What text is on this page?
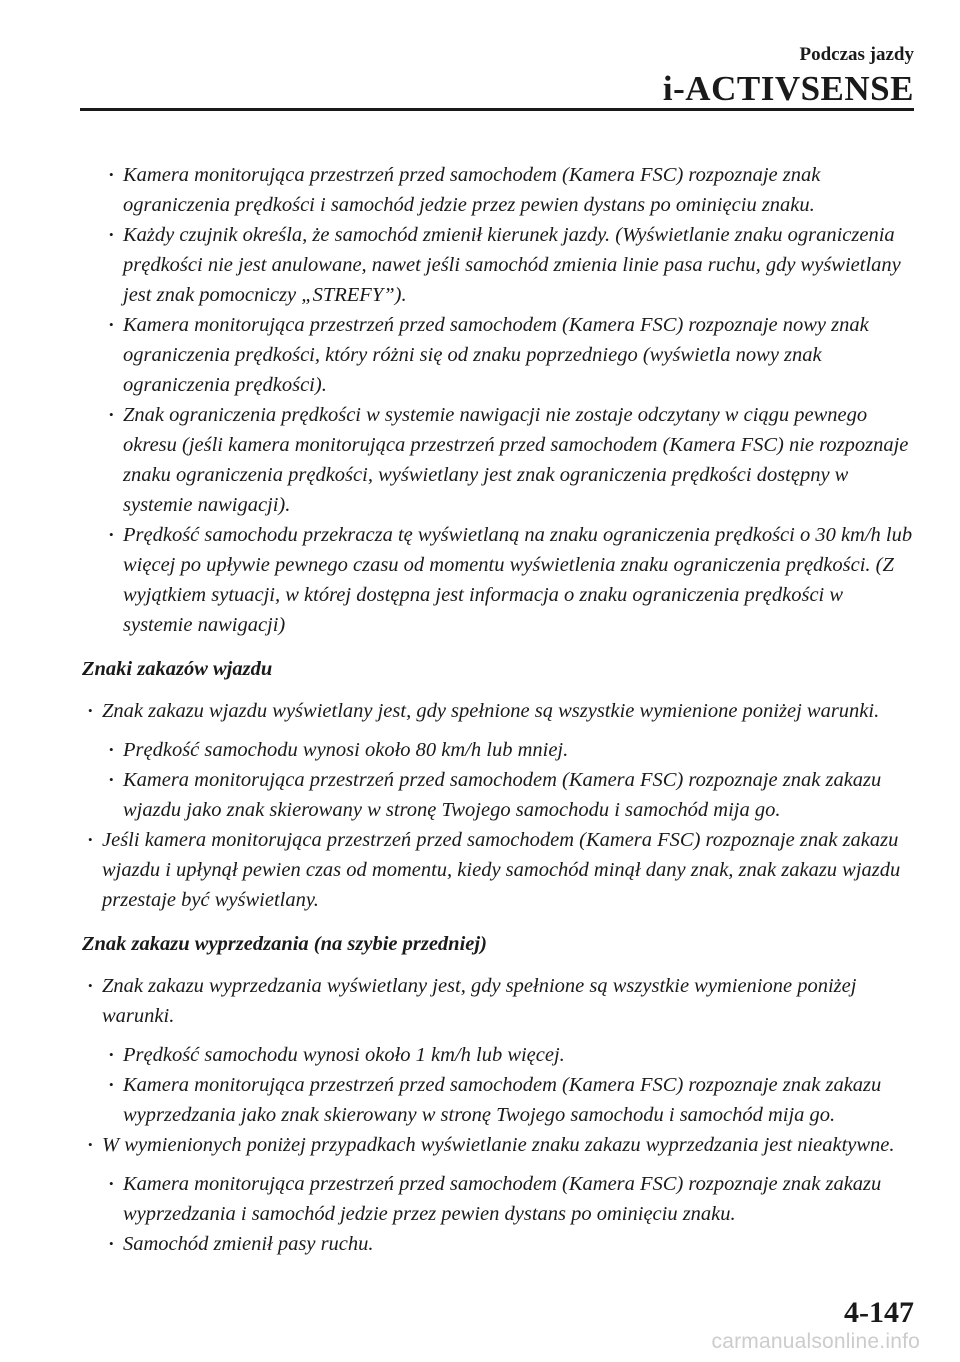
Podczas jazdy
i-ACTIVSENSE
• Kamera monitorująca przestrzeń przed samochodem (Kamera FSC) rozpoznaje znak ograniczenia prędkości i samochód jedzie przez pewien dystans po ominięciu znaku.
• Każdy czujnik określa, że samochód zmienił kierunek jazdy. (Wyświetlanie znaku ograniczenia prędkości nie jest anulowane, nawet jeśli samochód zmienia linie pasa ruchu, gdy wyświetlany jest znak pomocniczy „STREFY”).
• Kamera monitorująca przestrzeń przed samochodem (Kamera FSC) rozpoznaje nowy znak ograniczenia prędkości, który różni się od znaku poprzedniego (wyświetla nowy znak ograniczenia prędkości).
• Znak ograniczenia prędkości w systemie nawigacji nie zostaje odczytany w ciągu pewnego okresu (jeśli kamera monitorująca przestrzeń przed samochodem (Kamera FSC) nie rozpoznaje znaku ograniczenia prędkości, wyświetlany jest znak ograniczenia prędkości dostępny w systemie nawigacji).
• Prędkość samochodu przekracza tę wyświetlaną na znaku ograniczenia prędkości o 30 km/h lub więcej po upływie pewnego czasu od momentu wyświetlenia znaku ograniczenia prędkości. (Z wyjątkiem sytuacji, w której dostępna jest informacja o znaku ograniczenia prędkości w systemie nawigacji)
Znaki zakazów wjazdu
• Znak zakazu wjazdu wyświetlany jest, gdy spełnione są wszystkie wymienione poniżej warunki.
• Prędkość samochodu wynosi około 80 km/h lub mniej.
• Kamera monitorująca przestrzeń przed samochodem (Kamera FSC) rozpoznaje znak zakazu wjazdu jako znak skierowany w stronę Twojego samochodu i samochód mija go.
• Jeśli kamera monitorująca przestrzeń przed samochodem (Kamera FSC) rozpoznaje znak zakazu wjazdu i upłynął pewien czas od momentu, kiedy samochód minął dany znak, znak zakazu wjazdu przestaje być wyświetlany.
Znak zakazu wyprzedzania (na szybie przedniej)
• Znak zakazu wyprzedzania wyświetlany jest, gdy spełnione są wszystkie wymienione poniżej warunki.
• Prędkość samochodu wynosi około 1 km/h lub więcej.
• Kamera monitorująca przestrzeń przed samochodem (Kamera FSC) rozpoznaje znak zakazu wyprzedzania jako znak skierowany w stronę Twojego samochodu i samochód mija go.
• W wymienionych poniżej przypadkach wyświetlanie znaku zakazu wyprzedzania jest nieaktywne.
• Kamera monitorująca przestrzeń przed samochodem (Kamera FSC) rozpoznaje znak zakazu wyprzedzania i samochód jedzie przez pewien dystans po ominięciu znaku.
• Samochód zmienił pasy ruchu.
4-147
carmanualsonline.info
